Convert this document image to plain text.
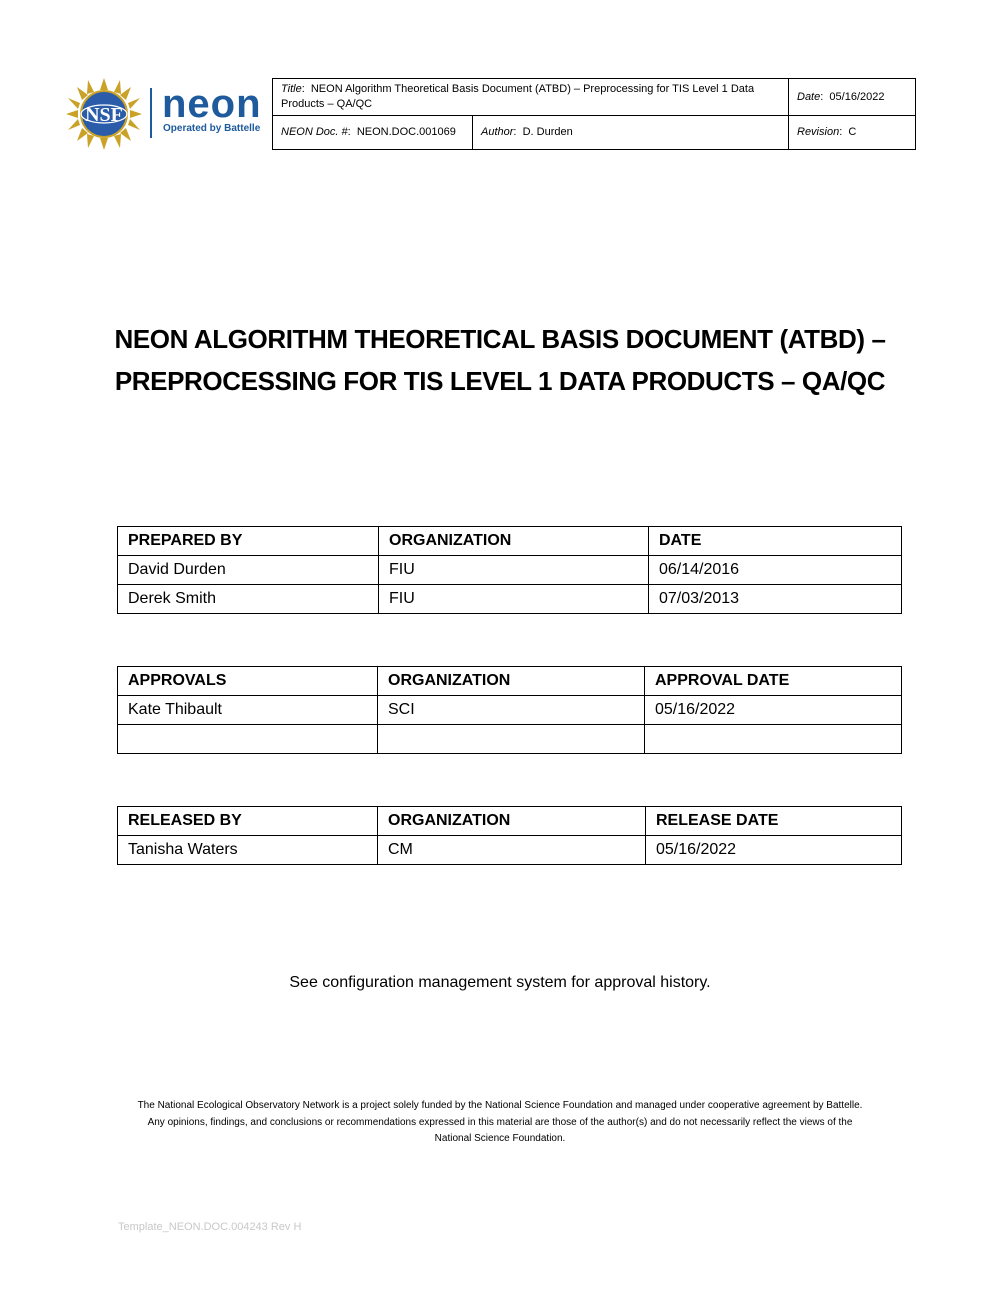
NSF neon
Operated by Battelle
Title:  NEON Algorithm Theoretical Basis Document (ATBD) – Preprocessing for TIS Level 1 Data Products – QA/QC		Date:  05/16/2022
NEON Doc. #:  NEON.DOC.001069	Author:  D. Durden	Revision:  C
NEON ALGORITHM THEORETICAL BASIS DOCUMENT (ATBD) –
PREPROCESSING FOR TIS LEVEL 1 DATA PRODUCTS – QA/QC
PREPARED BY	ORGANIZATION	DATE
David Durden	FIU	06/14/2016
Derek Smith	FIU	07/03/2013
APPROVALS	ORGANIZATION	APPROVAL DATE
Kate Thibault	SCI	05/16/2022

RELEASED BY	ORGANIZATION	RELEASE DATE
Tanisha Waters	CM	05/16/2022
See configuration management system for approval history.
The National Ecological Observatory Network is a project solely funded by the National Science Foundation and managed under cooperative agreement by Battelle.
Any opinions, findings, and conclusions or recommendations expressed in this material are those of the author(s) and do not necessarily reflect the views of the
National Science Foundation.
Template_NEON.DOC.004243 Rev H
